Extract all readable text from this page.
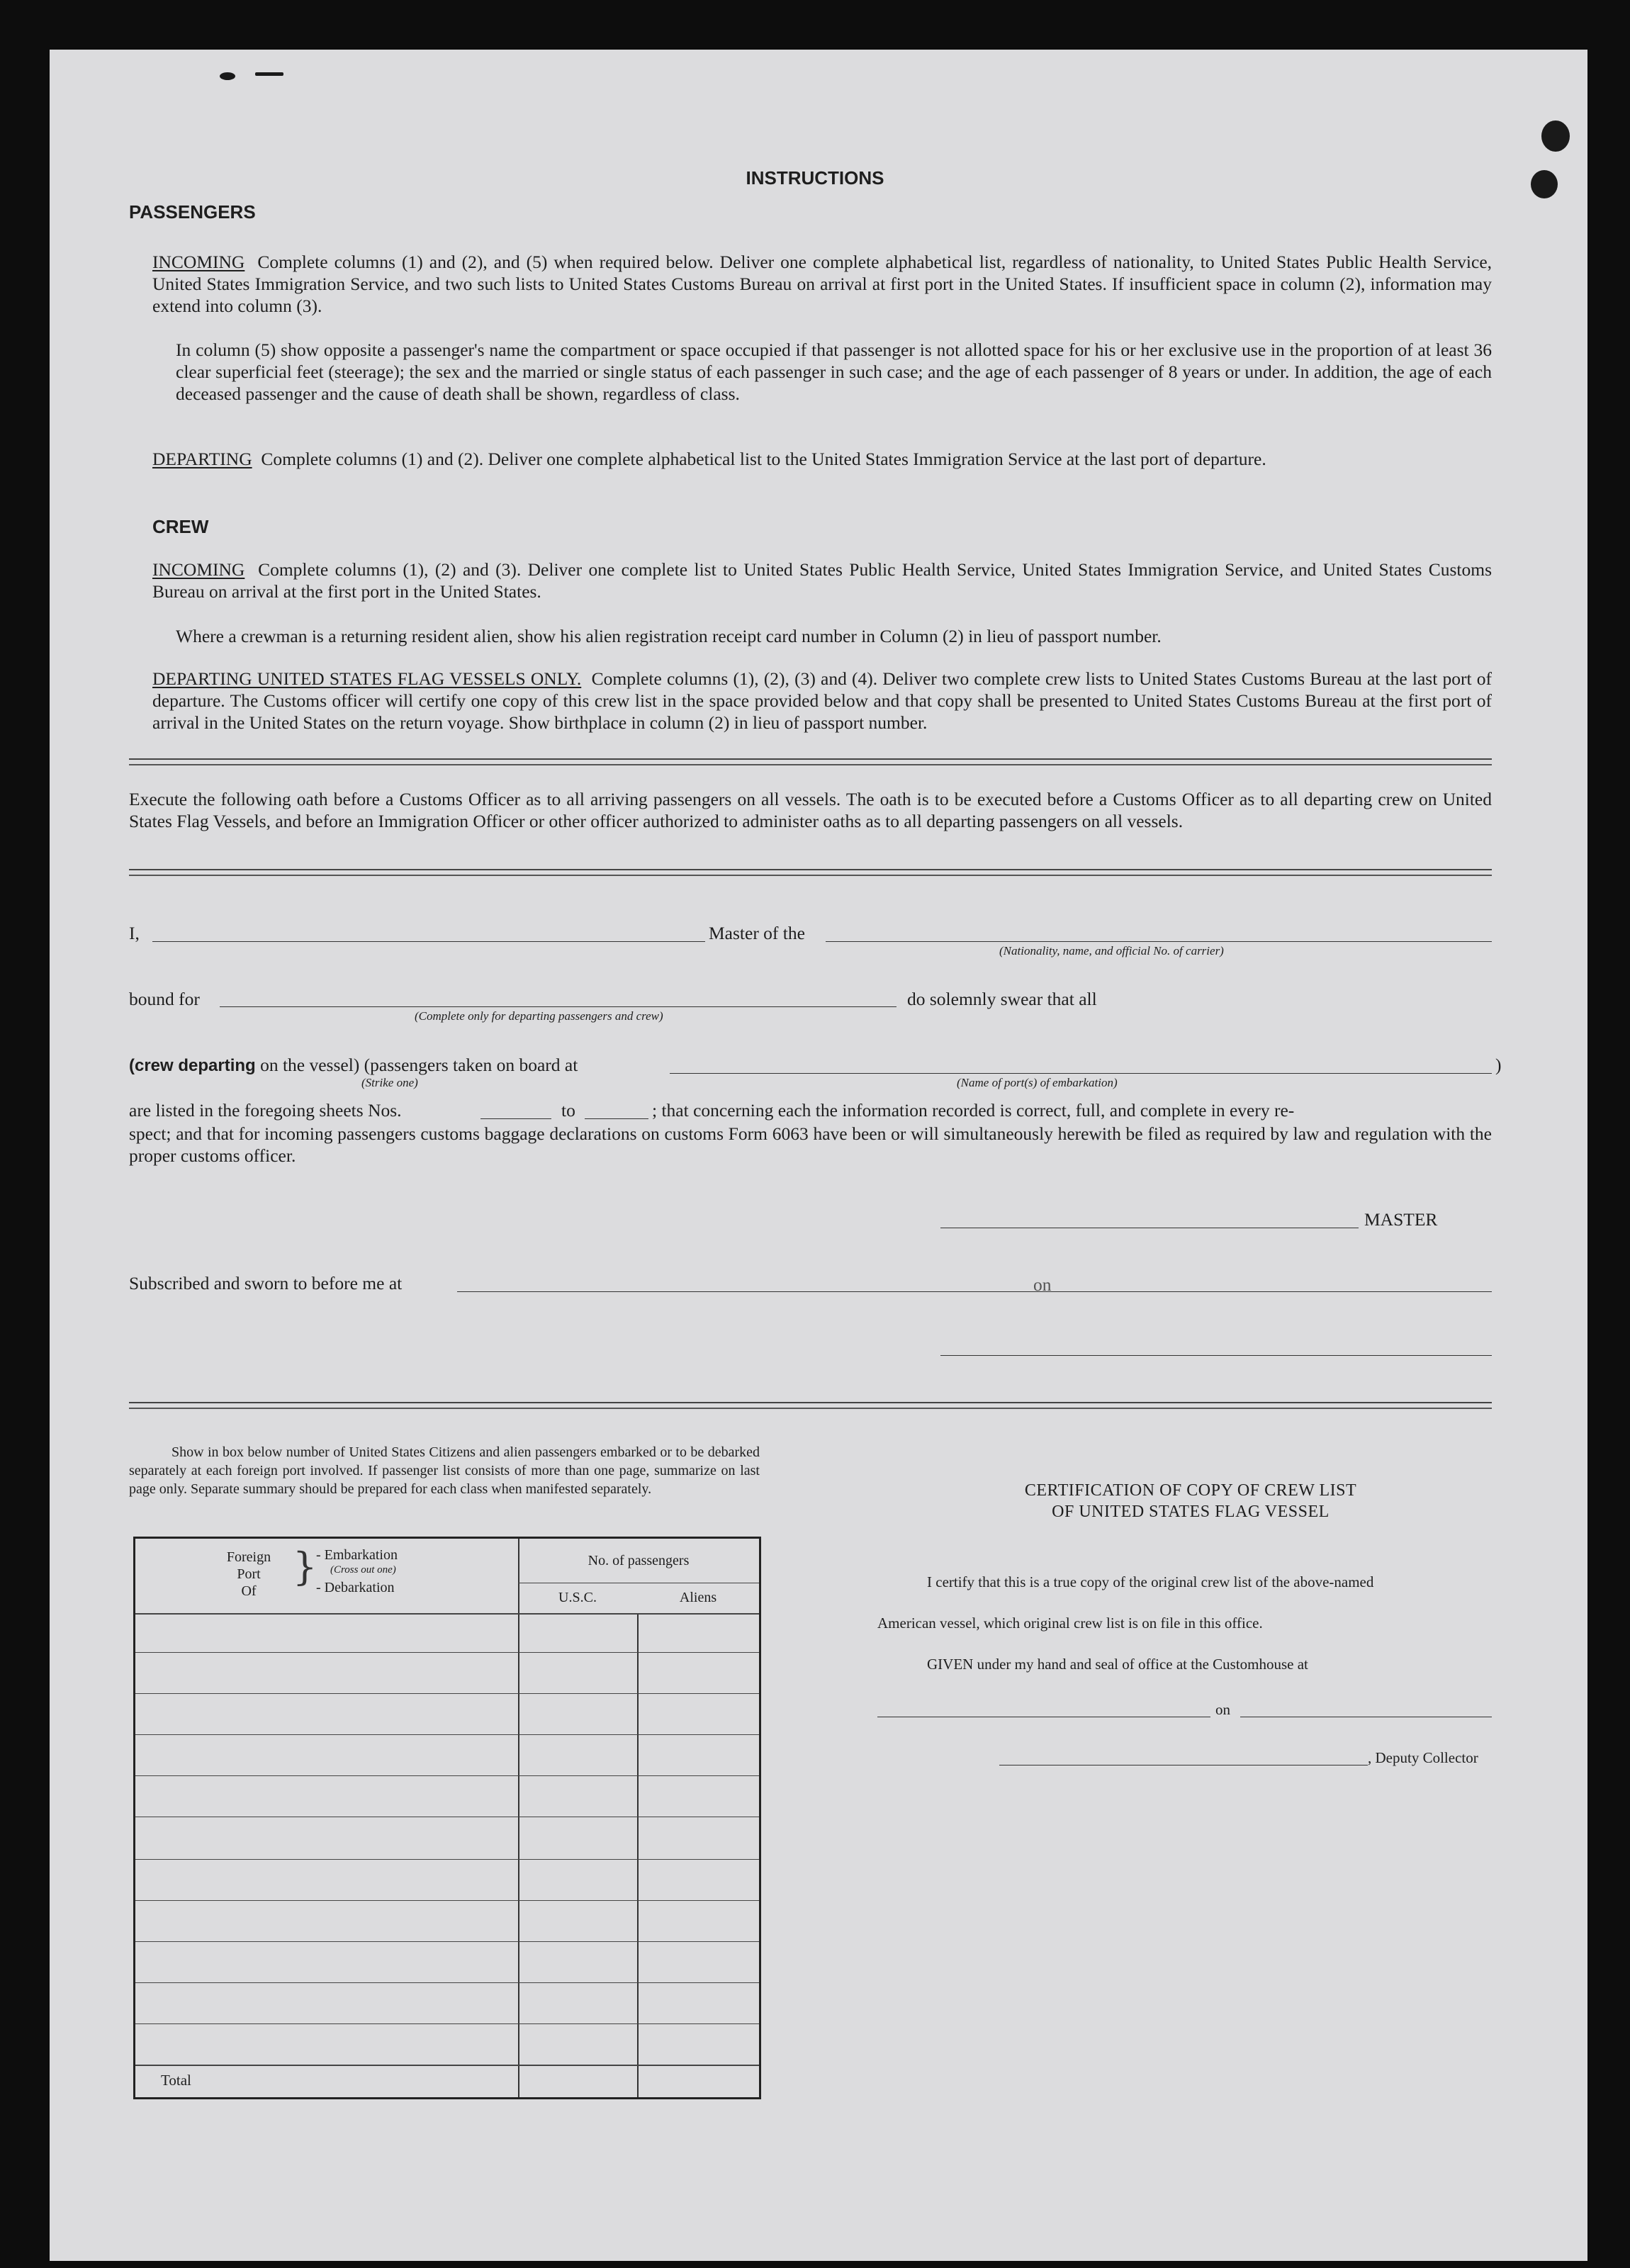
INSTRUCTIONS
PASSENGERS

INCOMING Complete columns (1) and (2), and (5) when required below. Deliver one complete alphabetical list, regardless of nationality, to United States Public Health Service, United States Immigration Service, and two such lists to United States Customs Bureau on arrival at first port in the United States. If insufficient space in column (2), information may extend into column (3).

In column (5) show opposite a passenger's name the compartment or space occupied if that passenger is not allotted space for his or her exclusive use in the proportion of at least 36 clear superficial feet (steerage); the sex and the married or single status of each passenger in such case; and the age of each passenger of 8 years or under. In addition, the age of each deceased passenger and the cause of death shall be shown, regardless of class.

DEPARTING Complete columns (1) and (2). Deliver one complete alphabetical list to the United States Immigration Service at the last port of departure.

CREW

INCOMING Complete columns (1), (2) and (3). Deliver one complete list to United States Public Health Service, United States Immigration Service, and United States Customs Bureau on arrival at the first port in the United States.

Where a crewman is a returning resident alien, show his alien registration receipt card number in Column (2) in lieu of passport number.

DEPARTING UNITED STATES FLAG VESSELS ONLY. Complete columns (1), (2), (3) and (4). Deliver two complete crew lists to United States Customs Bureau at the last port of departure. The Customs officer will certify one copy of this crew list in the space provided below and that copy shall be presented to United States Customs Bureau at the first port of arrival in the United States on the return voyage. Show birthplace in column (2) in lieu of passport number.

Execute the following oath before a Customs Officer as to all arriving passengers on all vessels. The oath is to be executed before a Customs Officer as to all departing crew on United States Flag Vessels, and before an Immigration Officer or other officer authorized to administer oaths as to all departing passengers on all vessels.

I,	Master of the
(Nationality, name, and official No. of carrier)
bound for
(Complete only for departing passengers and crew)
do solemnly swear that all
(crew departing on the vessel) (passengers taken on board at	)
(Strike one)	(Name of port(s) of embarkation)
are listed in the foregoing sheets Nos.	to	; that concerning each the information recorded is correct, full, and complete in every re-

spect; and that for incoming passengers customs baggage declarations on customs Form 6063 have been or will simultaneously herewith be filed as required by law and regulation with the proper customs officer.

MASTER
Subscribed and sworn to before me at	on

Show in box below number of United States Citizens and alien passengers embarked or to be debarked separately at each foreign port involved. If passenger list consists of more than one page, summarize on last page only. Separate summary should be prepared for each class when manifested separately.

Foreign
Port
Of
}
- Embarkation
(Cross out one)
- Debarkation
No. of passengers
U.S.C.	Aliens
Total
CERTIFICATION OF COPY OF CREW LIST
OF UNITED STATES FLAG VESSEL
I certify that this is a true copy of the original crew list of the above-named
American vessel, which original crew list is on file in this office.
GIVEN under my hand and seal of office at the Customhouse at
on
, Deputy Collector
